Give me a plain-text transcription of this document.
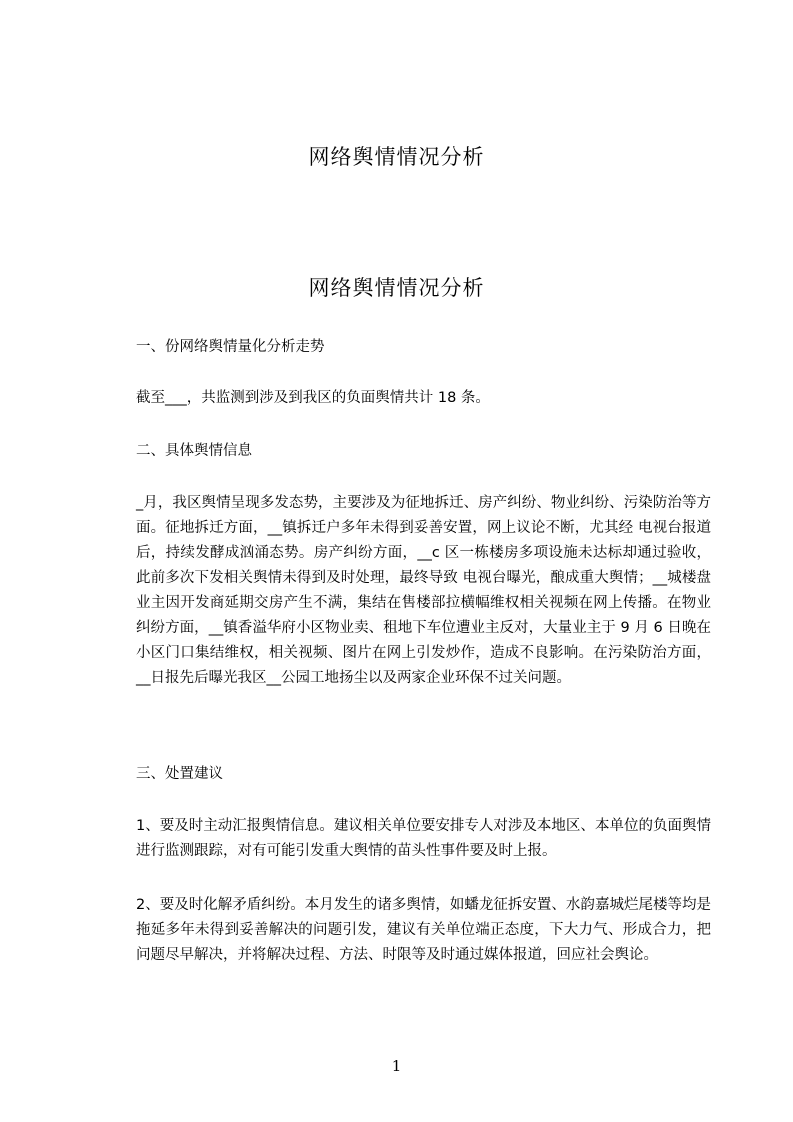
网络舆情情况分析
网络舆情情况分析
一、份网络舆情量化分析走势
截至___，共监测到涉及到我区的负面舆情共计 18 条。
二、具体舆情信息

_月，我区舆情呈现多发态势，主要涉及为征地拆迁、房产纠纷、物业纠纷、污染防治等方面。征地拆迁方面，__镇拆迁户多年未得到妥善安置，网上议论不断，尤其经 电视台报道后，持续发酵成汹涌态势。房产纠纷方面，__c 区一栋楼房多项设施未达标却通过验收，此前多次下发相关舆情未得到及时处理，最终导致 电视台曝光，酿成重大舆情；__城楼盘业主因开发商延期交房产生不满，集结在售楼部拉横幅维权相关视频在网上传播。在物业纠纷方面，__镇香溢华府小区物业卖、租地下车位遭业主反对，大量业主于 9 月 6 日晚在小区门口集结维权，相关视频、图片在网上引发炒作，造成不良影响。在污染防治方面，__日报先后曝光我区__公园工地扬尘以及两家企业环保不过关问题。

三、处置建议

1、要及时主动汇报舆情信息。建议相关单位要安排专人对涉及本地区、本单位的负面舆情进行监测跟踪，对有可能引发重大舆情的苗头性事件要及时上报。

2、要及时化解矛盾纠纷。本月发生的诸多舆情，如蟠龙征拆安置、水韵嘉城烂尾楼等均是拖延多年未得到妥善解决的问题引发，建议有关单位端正态度，下大力气、形成合力，把问题尽早解决，并将解决过程、方法、时限等及时通过媒体报道，回应社会舆论。

1
